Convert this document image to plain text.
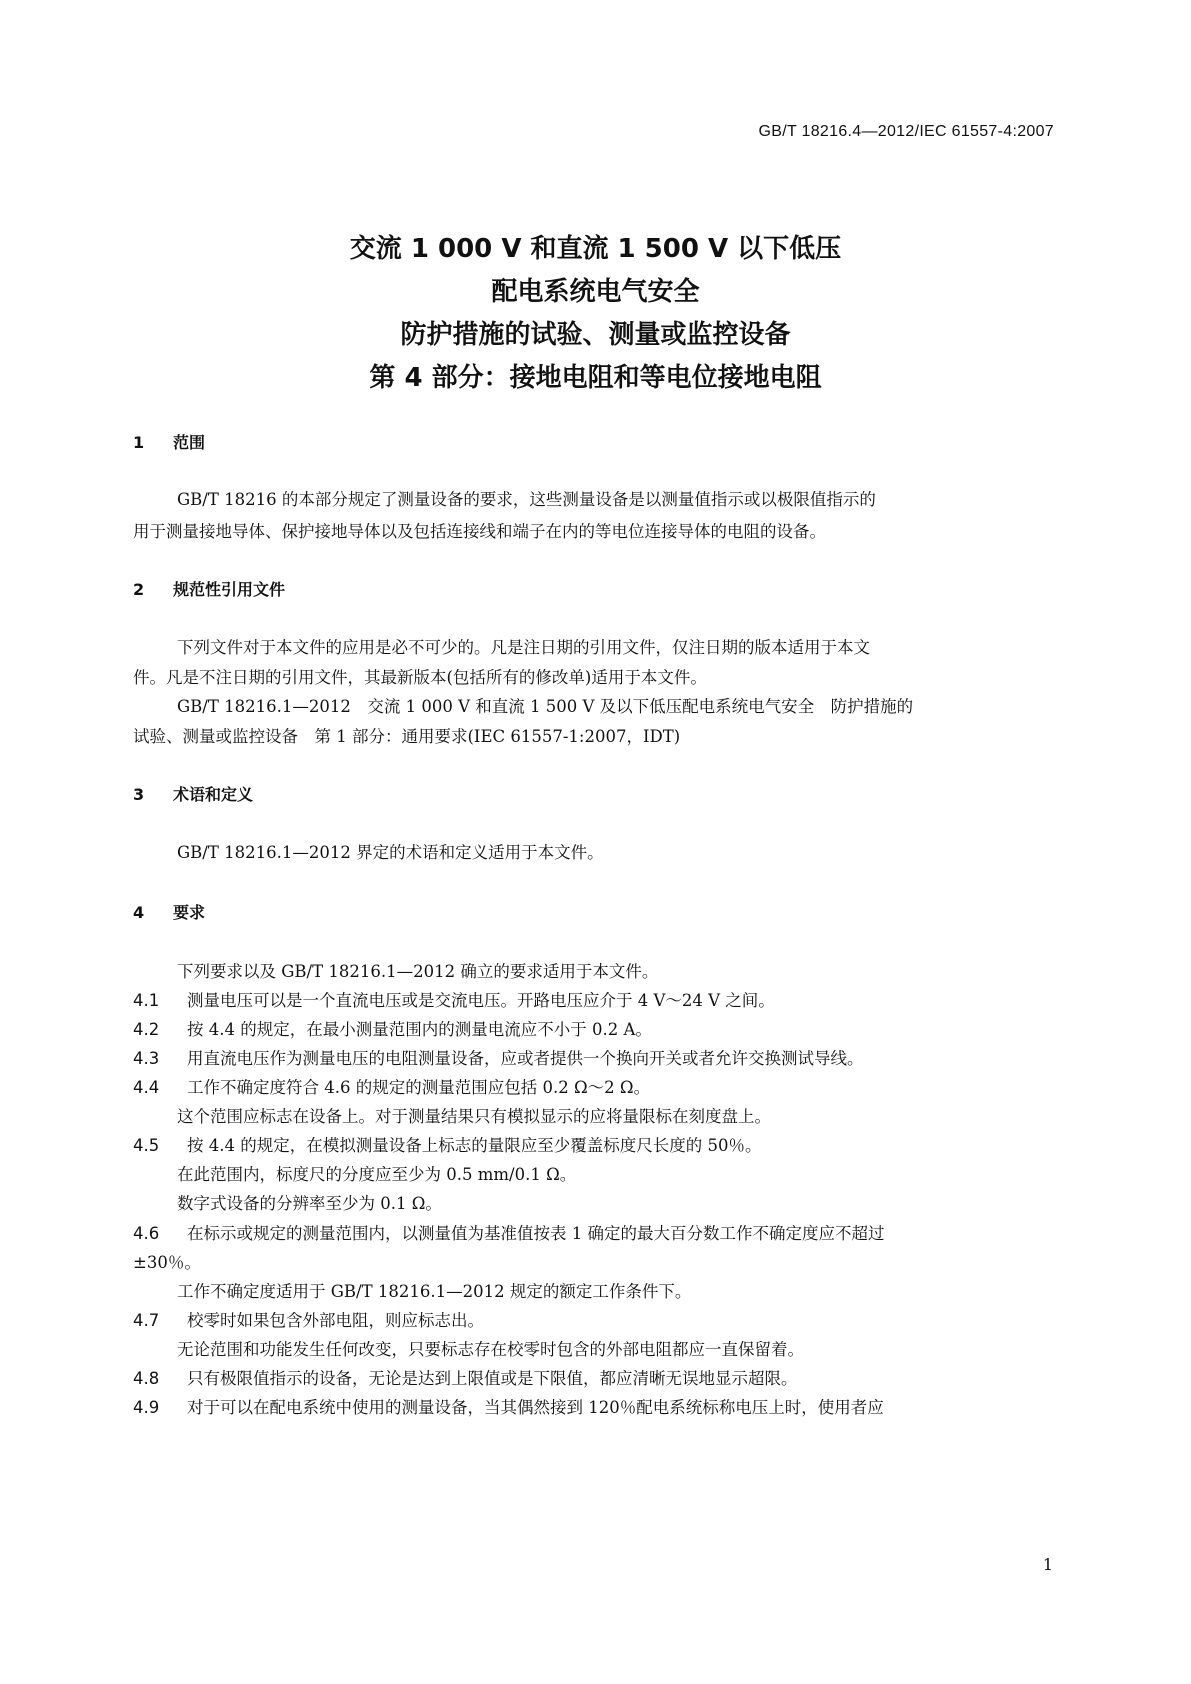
GB/T 18216.4—2012/IEC 61557-4:2007
交流 1 000 V 和直流 1 500 V 以下低压
配电系统电气安全
防护措施的试验、测量或监控设备
第 4 部分：接地电阻和等电位接地电阻
1 范围
GB/T 18216 的本部分规定了测量设备的要求，这些测量设备是以测量值指示或以极限值指示的
用于测量接地导体、保护接地导体以及包括连接线和端子在内的等电位连接导体的电阻的设备。
2 规范性引用文件
下列文件对于本文件的应用是必不可少的。凡是注日期的引用文件，仅注日期的版本适用于本文
件。凡是不注日期的引用文件，其最新版本(包括所有的修改单)适用于本文件。
GB/T 18216.1—2012　交流 1 000 V 和直流 1 500 V 及以下低压配电系统电气安全　防护措施的
试验、测量或监控设备　第 1 部分：通用要求(IEC 61557-1:2007，IDT)
3 术语和定义
GB/T 18216.1—2012 界定的术语和定义适用于本文件。
4 要求
下列要求以及 GB/T 18216.1—2012 确立的要求适用于本文件。
4.1 测量电压可以是一个直流电压或是交流电压。开路电压应介于 4 V～24 V 之间。
4.2 按 4.4 的规定，在最小测量范围内的测量电流应不小于 0.2 A。
4.3 用直流电压作为测量电压的电阻测量设备，应或者提供一个换向开关或者允许交换测试导线。
4.4 工作不确定度符合 4.6 的规定的测量范围应包括 0.2 Ω～2 Ω。
这个范围应标志在设备上。对于测量结果只有模拟显示的应将量限标在刻度盘上。
4.5 按 4.4 的规定，在模拟测量设备上标志的量限应至少覆盖标度尺长度的 50％。
在此范围内，标度尺的分度应至少为 0.5 mm/0.1 Ω。
数字式设备的分辨率至少为 0.1 Ω。
4.6 在标示或规定的测量范围内，以测量值为基准值按表 1 确定的最大百分数工作不确定度应不超过
±30％。
工作不确定度适用于 GB/T 18216.1—2012 规定的额定工作条件下。
4.7 校零时如果包含外部电阻，则应标志出。
无论范围和功能发生任何改变，只要标志存在校零时包含的外部电阻都应一直保留着。
4.8 只有极限值指示的设备，无论是达到上限值或是下限值，都应清晰无误地显示超限。
4.9 对于可以在配电系统中使用的测量设备，当其偶然接到 120％配电系统标称电压上时，使用者应
1
